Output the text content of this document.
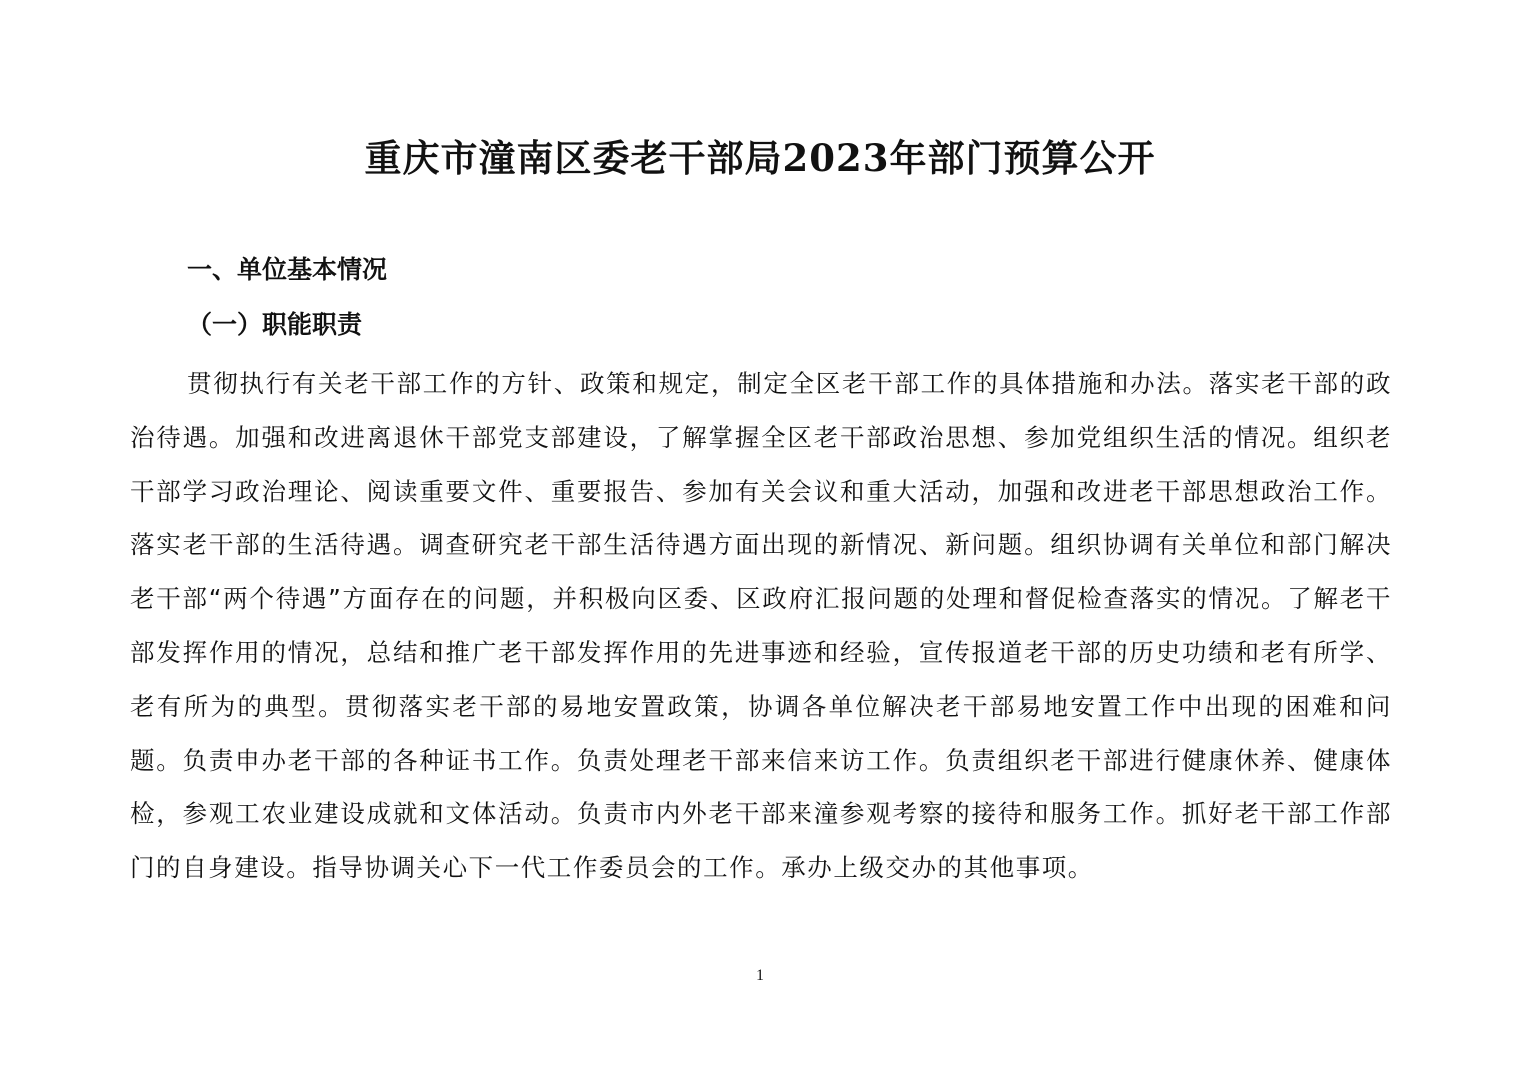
重庆市潼南区委老干部局2023年部门预算公开
一、单位基本情况
（一）职能职责

贯彻执行有关老干部工作的方针、政策和规定，制定全区老干部工作的具体措施和办法。落实老干部的政治待遇。加强和改进离退休干部党支部建设，了解掌握全区老干部政治思想、参加党组织生活的情况。组织老干部学习政治理论、阅读重要文件、重要报告、参加有关会议和重大活动，加强和改进老干部思想政治工作。落实老干部的生活待遇。调查研究老干部生活待遇方面出现的新情况、新问题。组织协调有关单位和部门解决老干部“两个待遇”方面存在的问题，并积极向区委、区政府汇报问题的处理和督促检查落实的情况。了解老干部发挥作用的情况，总结和推广老干部发挥作用的先进事迹和经验，宣传报道老干部的历史功绩和老有所学、老有所为的典型。贯彻落实老干部的易地安置政策，协调各单位解决老干部易地安置工作中出现的困难和问题。负责申办老干部的各种证书工作。负责处理老干部来信来访工作。负责组织老干部进行健康休养、健康体检，参观工农业建设成就和文体活动。负责市内外老干部来潼参观考察的接待和服务工作。抓好老干部工作部门的自身建设。指导协调关心下一代工作委员会的工作。承办上级交办的其他事项。

1
